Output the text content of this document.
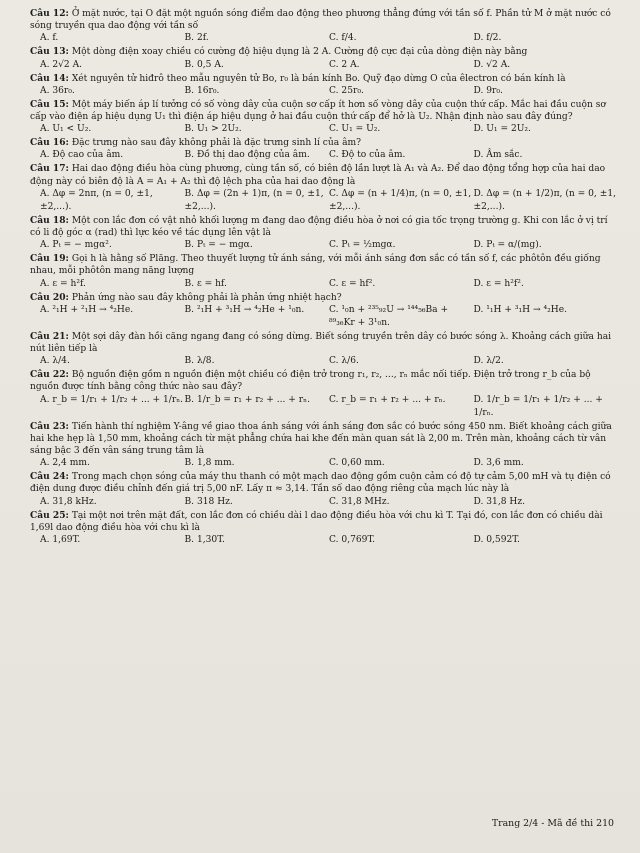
Câu 12: Ở mặt nước, tại O đặt một nguồn sóng điểm dao động theo phương thẳng đứng với tần số f. Phần tử M ở mặt nước có sóng truyền qua dao động với tần số

A. f.	B. 2f.	C. f/4.	D. f/2.

Câu 13: Một dòng điện xoay chiều có cường độ hiệu dụng là 2 A. Cường độ cực đại của dòng điện này bằng

A. 2√2 A.	B. 0,5 A.	C. 2 A.	D. √2 A.

Câu 14: Xét nguyên tử hiđrô theo mẫu nguyên tử Bo, r₀ là bán kính Bo. Quỹ đạo dừng O của êlectron có bán kính là

A. 36r₀.	B. 16r₀.	C. 25r₀.	D. 9r₀.

Câu 15: Một máy biến áp lí tưởng có số vòng dây của cuộn sơ cấp ít hơn số vòng dây của cuộn thứ cấp. Mắc hai đầu cuộn sơ cấp vào điện áp hiệu dụng U₁ thì điện áp hiệu dụng ở hai đầu cuộn thứ cấp để hở là U₂. Nhận định nào sau đây đúng?

A. U₁ < U₂.	B. U₁ > 2U₂.	C. U₁ = U₂.	D. U₁ = 2U₂.

Câu 16: Đặc trưng nào sau đây không phải là đặc trưng sinh lí của âm?

A. Độ cao của âm.	B. Đồ thị dao động của âm.	C. Độ to của âm.	D. Âm sắc.

Câu 17: Hai dao động điều hòa cùng phương, cùng tần số, có biên độ lần lượt là A₁ và A₂. Để dao động tổng hợp của hai dao động này có biên độ là A = A₁ + A₂ thì độ lệch pha của hai dao động là

A. Δφ = 2nπ, (n = 0, ±1, ±2,...).
B. Δφ = (2n + 1)π, (n = 0, ±1, ±2,...).
C. Δφ = (n + 1/4)π, (n = 0, ±1, ±2,...).
D. Δφ = (n + 1/2)π, (n = 0, ±1, ±2,...).

Câu 18: Một con lắc đơn có vật nhỏ khối lượng m đang dao động điều hòa ở nơi có gia tốc trọng trường g. Khi con lắc ở vị trí có li độ góc α (rad) thì lực kéo về tác dụng lên vật là

A. Pₜ = − mgα².	B. Pₜ = − mgα.	C. Pₜ = ½mgα.	D. Pₜ = α/(mg).

Câu 19: Gọi h là hằng số Plăng. Theo thuyết lượng tử ánh sáng, với mỗi ánh sáng đơn sắc có tần số f, các phôtôn đều giống nhau, mỗi phôtôn mang năng lượng

A. ε = h²f.	B. ε = hf.	C. ε = hf².	D. ε = h²f².

Câu 20: Phản ứng nào sau đây không phải là phản ứng nhiệt hạch?

A. ²₁H + ²₁H → ⁴₂He.	B. ²₁H + ³₁H → ⁴₂He + ¹₀n.	C. ¹₀n + ²³⁵₉₂U → ¹⁴⁴₅₆Ba + ⁸⁹₃₆Kr + 3¹₀n.
D. ¹₁H + ³₁H → ⁴₂He.

Câu 21: Một sợi dây đàn hồi căng ngang đang có sóng dừng. Biết sóng truyền trên dây có bước sóng λ. Khoảng cách giữa hai nút liên tiếp là

A. λ/4.	B. λ/8.	C. λ/6.	D. λ/2.

Câu 22: Bộ nguồn điện gồm n nguồn điện một chiều có điện trở trong r₁, r₂, ..., rₙ mắc nối tiếp. Điện trở trong r_b của bộ nguồn được tính bằng công thức nào sau đây?

A. r_b = 1/r₁ + 1/r₂ + ... + 1/rₙ. B. 1/r_b = r₁ + r₂ + ... + rₙ.	C. r_b = r₁ + r₂ + ... + rₙ.	D. 1/r_b = 1/r₁ + 1/r₂ + ... + 1/rₙ.

Câu 23: Tiến hành thí nghiệm Y-âng về giao thoa ánh sáng với ánh sáng đơn sắc có bước sóng 450 nm. Biết khoảng cách giữa hai khe hẹp là 1,50 mm, khoảng cách từ mặt phẳng chứa hai khe đến màn quan sát là 2,00 m. Trên màn, khoảng cách từ vân sáng bậc 3 đến vân sáng trung tâm là

A. 2,4 mm.	B. 1,8 mm.	C. 0,60 mm.	D. 3,6 mm.

Câu 24: Trong mạch chọn sóng của máy thu thanh có một mạch dao động gồm cuộn cảm có độ tự cảm 5,00 mH và tụ điện có điện dung được điều chỉnh đến giá trị 5,00 nF. Lấy π ≈ 3,14. Tần số dao động riêng của mạch lúc này là

A. 31,8 kHz.	B. 318 Hz.	C. 31,8 MHz.	D. 31,8 Hz.

Câu 25: Tại một nơi trên mặt đất, con lắc đơn có chiều dài l dao động điều hòa với chu kì T. Tại đó, con lắc đơn có chiều dài 1,69l dao động điều hòa với chu kì là

A. 1,69T.	B. 1,30T.	C. 0,769T.	D. 0,592T.
Trang 2/4 - Mã đề thi 210
